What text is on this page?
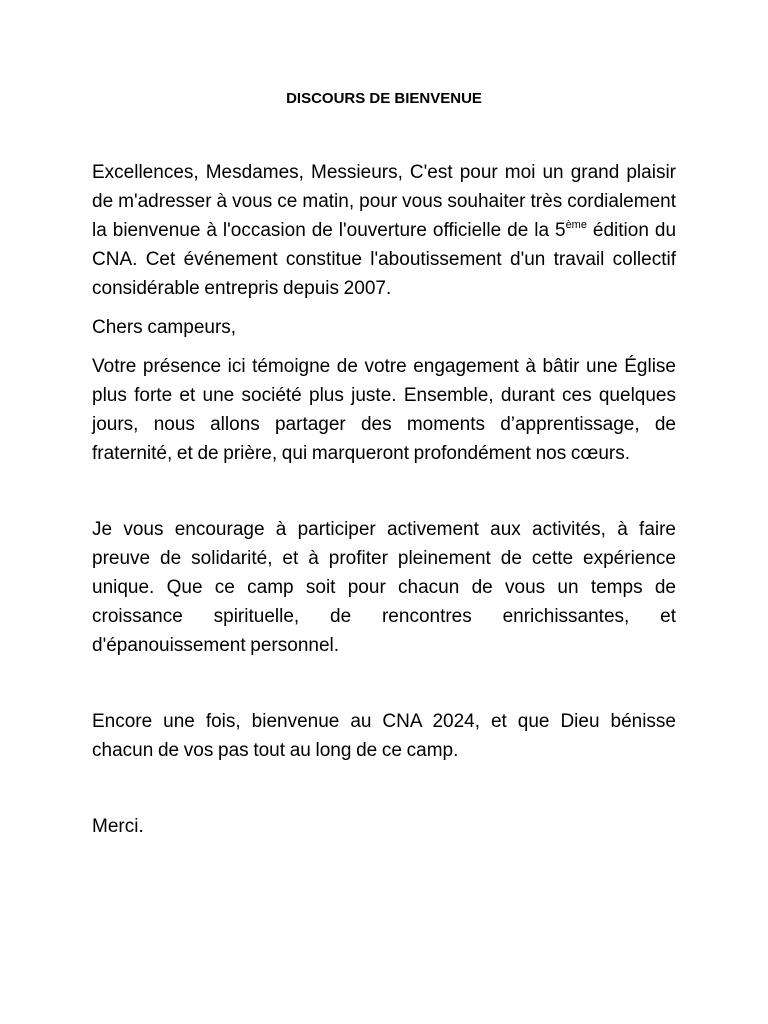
DISCOURS DE BIENVENUE

Excellences, Mesdames, Messieurs, C'est pour moi un grand plaisir de m'adresser à vous ce matin, pour vous souhaiter très cordialement la bienvenue à l'occasion de l'ouverture officielle de la 5ème édition du CNA. Cet événement constitue l'aboutissement d'un travail collectif considérable entrepris depuis 2007.

Chers campeurs,

Votre présence ici témoigne de votre engagement à bâtir une Église plus forte et une société plus juste. Ensemble, durant ces quelques jours, nous allons partager des moments d’apprentissage, de fraternité, et de prière, qui marqueront profondément nos cœurs.

Je vous encourage à participer activement aux activités, à faire preuve de solidarité, et à profiter pleinement de cette expérience unique. Que ce camp soit pour chacun de vous un temps de croissance spirituelle, de rencontres enrichissantes, et d'épanouissement personnel.

Encore une fois, bienvenue au CNA 2024, et que Dieu bénisse chacun de vos pas tout au long de ce camp.

Merci.
